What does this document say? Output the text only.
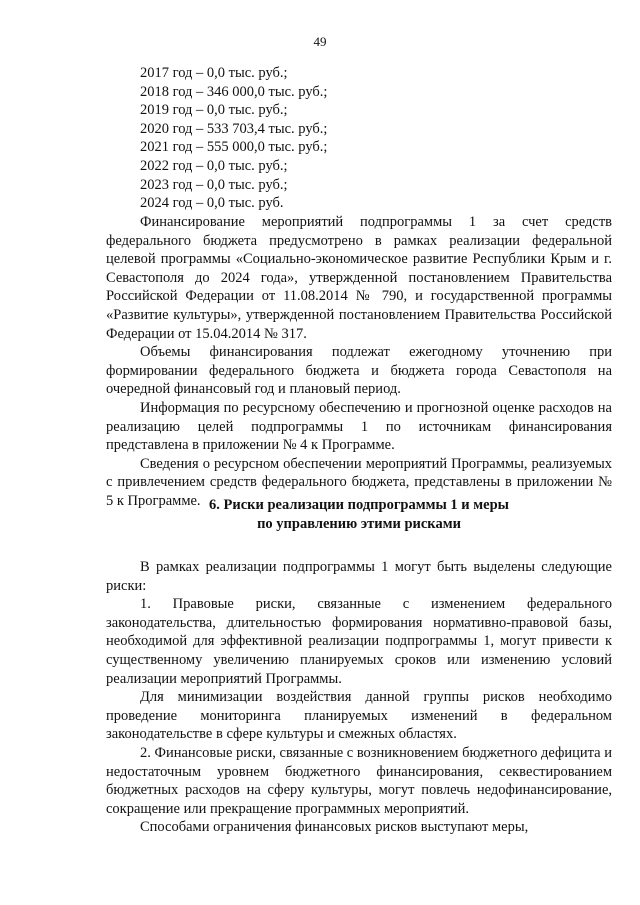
49
2017 год – 0,0 тыс. руб.;
2018 год – 346 000,0 тыс. руб.;
2019 год – 0,0 тыс. руб.;
2020 год – 533 703,4 тыс. руб.;
2021 год – 555 000,0 тыс. руб.;
2022 год – 0,0 тыс. руб.;
2023 год – 0,0 тыс. руб.;
2024 год – 0,0 тыс. руб.

Финансирование мероприятий подпрограммы 1 за счет средств федерального бюджета предусмотрено в рамках реализации федеральной целевой программы «Социально-экономическое развитие Республики Крым и г. Севастополя до 2024 года», утвержденной постановлением Правительства Российской Федерации от 11.08.2014 № 790, и государственной программы «Развитие культуры», утвержденной постановлением Правительства Российской Федерации от 15.04.2014 № 317.

Объемы финансирования подлежат ежегодному уточнению при формировании федерального бюджета и бюджета города Севастополя на очередной финансовый год и плановый период.

Информация по ресурсному обеспечению и прогнозной оценке расходов на реализацию целей подпрограммы 1 по источникам финансирования представлена в приложении № 4 к Программе.

Сведения о ресурсном обеспечении мероприятий Программы, реализуемых с привлечением средств федерального бюджета, представлены в приложении № 5 к Программе. 6. Риски реализации подпрограммы 1 и меры
по управлению этими рисками

В рамках реализации подпрограммы 1 могут быть выделены следующие риски:

1. Правовые риски, связанные с изменением федерального законодательства, длительностью формирования нормативно-правовой базы, необходимой для эффективной реализации подпрограммы 1, могут привести к существенному увеличению планируемых сроков или изменению условий реализации мероприятий Программы.

Для минимизации воздействия данной группы рисков необходимо проведение мониторинга планируемых изменений в федеральном законодательстве в сфере культуры и смежных областях.

2. Финансовые риски, связанные с возникновением бюджетного дефицита и недостаточным уровнем бюджетного финансирования, секвестированием бюджетных расходов на сферу культуры, могут повлечь недофинансирование, сокращение или прекращение программных мероприятий.

Способами ограничения финансовых рисков выступают меры,
